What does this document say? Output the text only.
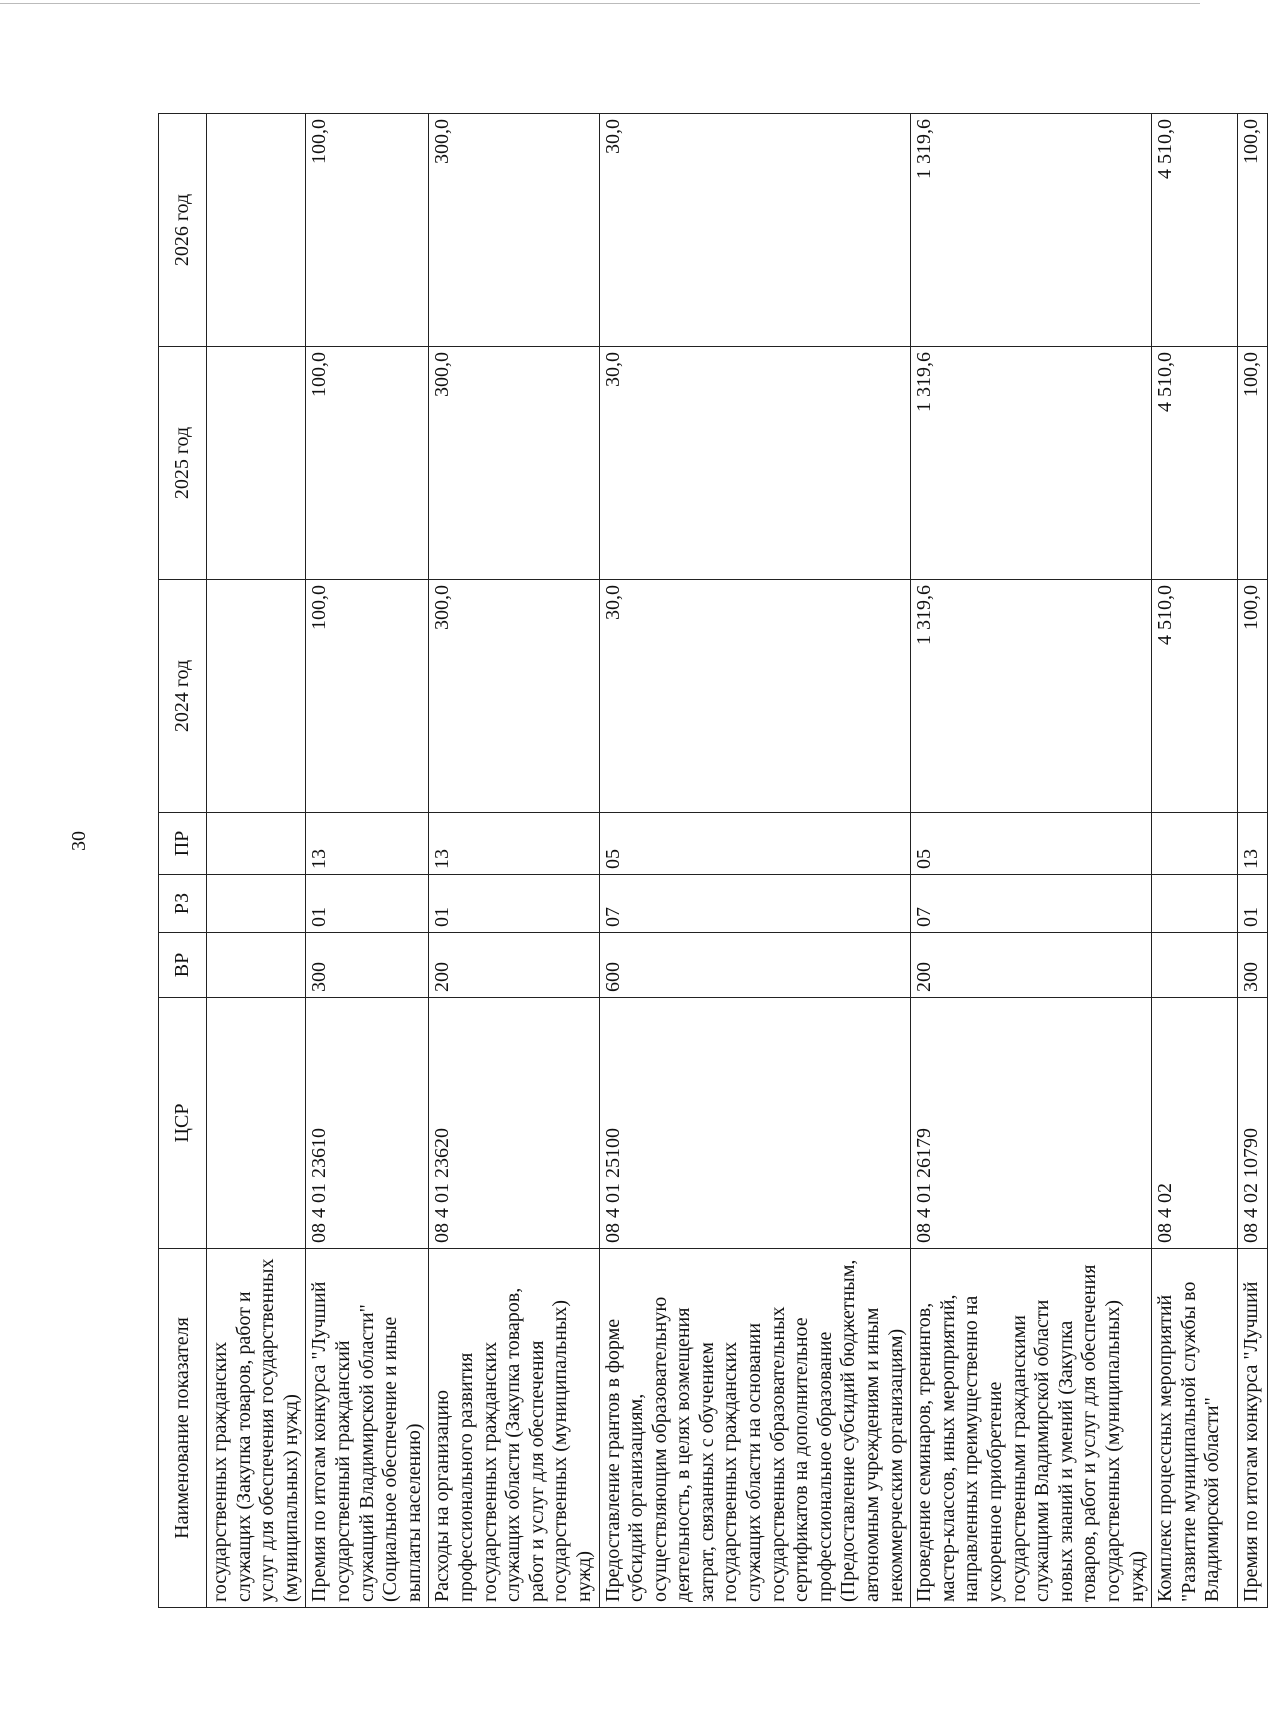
30
Наименование показателя	ЦСР	ВР	РЗ	ПР	2024 год	2025 год	2026 год
государственных гражданских служащих (Закупка товаров, работ и услуг для обеспечения государственных (муниципальных) нужд)							
Премия по итогам конкурса "Лучший государственный гражданский служащий Владимирской области" (Социальное обеспечение и иные выплаты населению)	08 4 01 23610	300	01	13	100,0	100,0	100,0
Расходы на организацию профессионального развития государственных гражданских служащих области (Закупка товаров, работ и услуг для обеспечения государственных (муниципальных) нужд)	08 4 01 23620	200	01	13	300,0	300,0	300,0
Предоставление грантов в форме субсидий организациям, осуществляющим образовательную деятельность, в целях возмещения затрат, связанных с обучением государственных гражданских служащих области на основании государственных образовательных сертификатов на дополнительное профессиональное образование (Предоставление субсидий бюджетным, автономным учреждениям и иным некоммерческим организациям)	08 4 01 25100	600	07	05	30,0	30,0	30,0
Проведение семинаров, тренингов, мастер-классов, иных мероприятий, направленных преимущественно на ускоренное приобретение государственными гражданскими служащими Владимирской области новых знаний и умений (Закупка товаров, работ и услуг для обеспечения государственных (муниципальных) нужд)	08 4 01 26179	200	07	05	1 319,6	1 319,6	1 319,6
Комплекс процессных мероприятий "Развитие муниципальной службы во Владимирской области"	08 4 02				4 510,0	4 510,0	4 510,0
Премия по итогам конкурса "Лучший	08 4 02 10790	300	01	13	100,0	100,0	100,0
